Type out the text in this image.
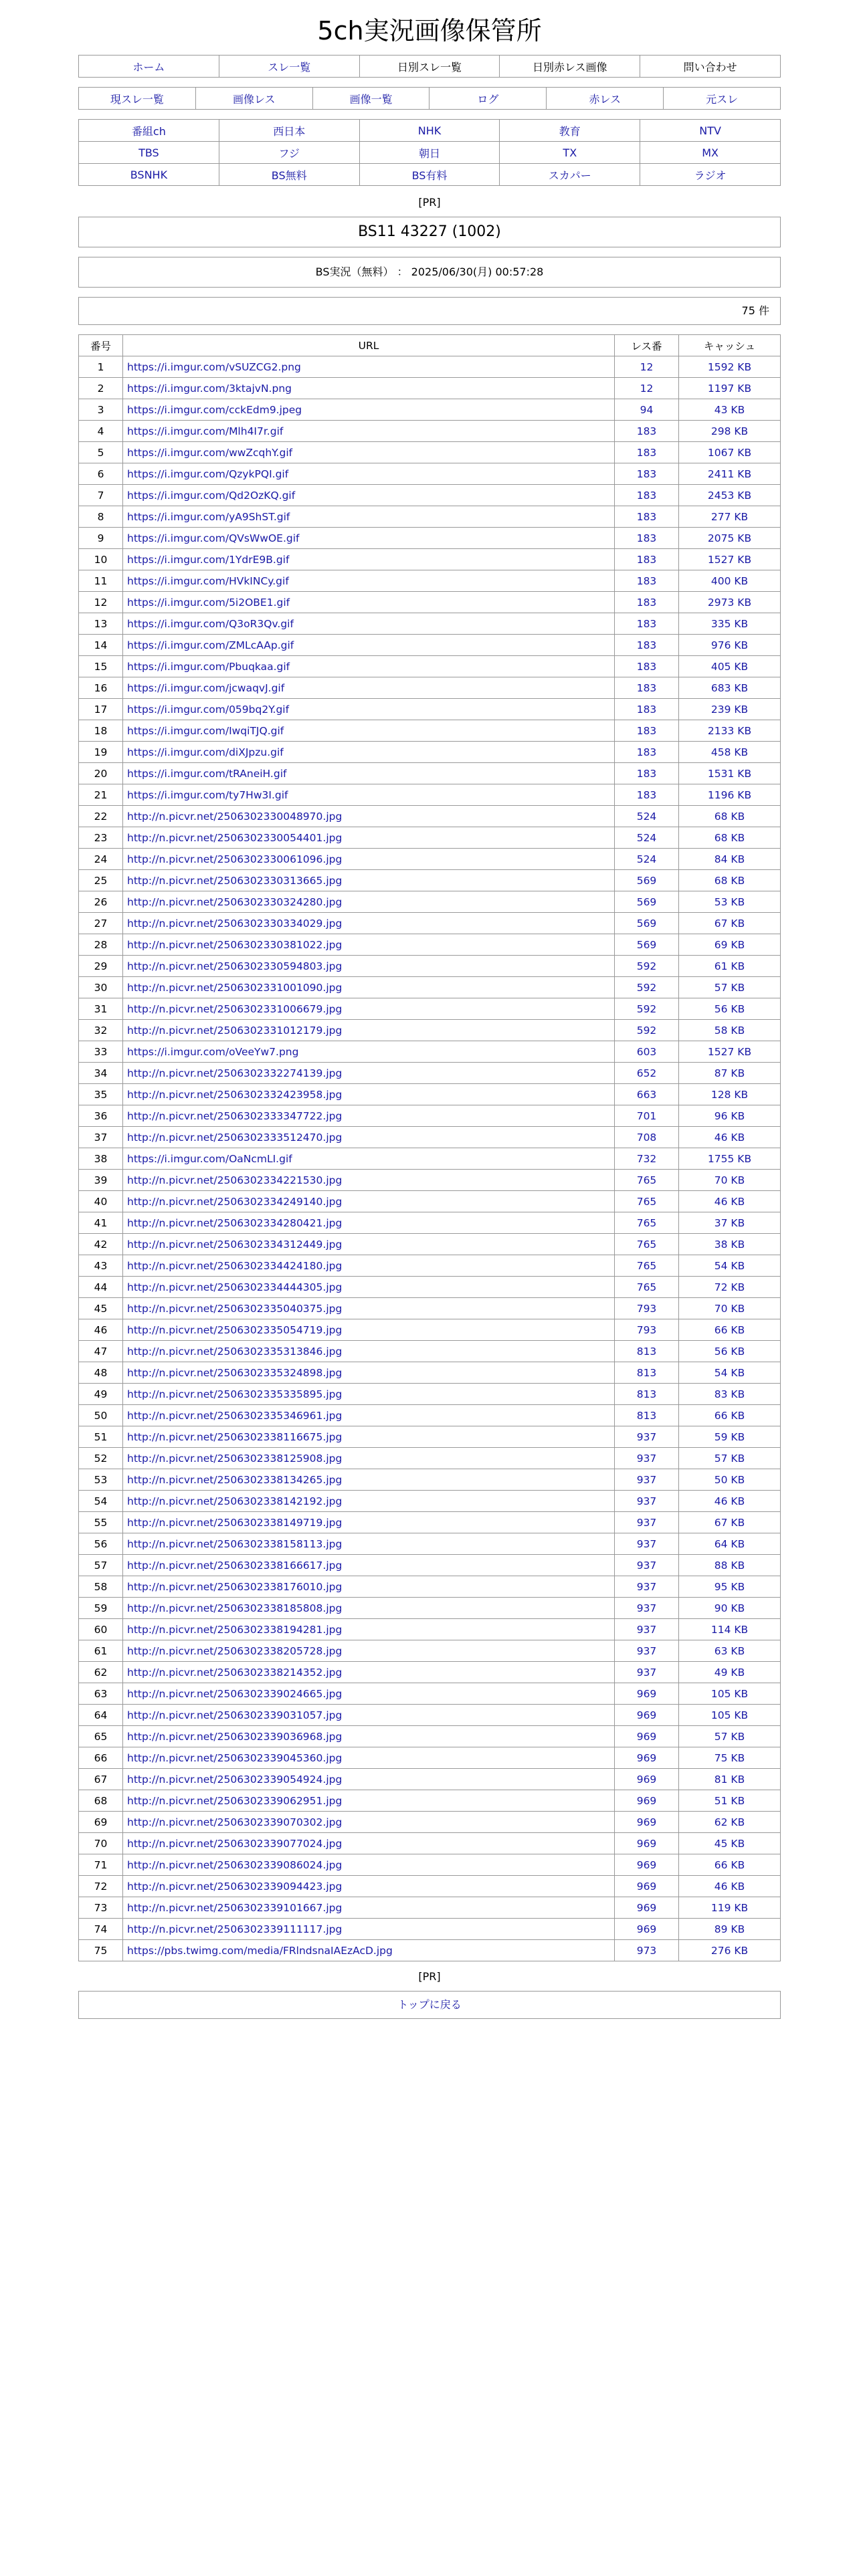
5ch実況画像保管所
ホーム	スレ一覧	日別スレ一覧	日別赤レス画像	問い合わせ
現スレ一覧	画像レス	画像一覧	ログ	赤レス	元スレ
番組ch	西日本	NHK	教育	NTV
TBS	フジ	朝日	TX	MX
BSNHK	BS無料	BS有料	スカパー	ラジオ
[PR]
BS11 43227 (1002)
BS実況（無料） ： 2025/06/30(月) 00:57:28
75 件
番号	URL	レス番	キャッシュ
1	https://i.imgur.com/vSUZCG2.png	12	1592 KB
2	https://i.imgur.com/3ktajvN.png	12	1197 KB
3	https://i.imgur.com/cckEdm9.jpeg	94	43 KB
4	https://i.imgur.com/Mlh4I7r.gif	183	298 KB
5	https://i.imgur.com/wwZcqhY.gif	183	1067 KB
6	https://i.imgur.com/QzykPQI.gif	183	2411 KB
7	https://i.imgur.com/Qd2OzKQ.gif	183	2453 KB
8	https://i.imgur.com/yA9ShST.gif	183	277 KB
9	https://i.imgur.com/QVsWwOE.gif	183	2075 KB
10	https://i.imgur.com/1YdrE9B.gif	183	1527 KB
11	https://i.imgur.com/HVkINCy.gif	183	400 KB
12	https://i.imgur.com/5i2OBE1.gif	183	2973 KB
13	https://i.imgur.com/Q3oR3Qv.gif	183	335 KB
14	https://i.imgur.com/ZMLcAAp.gif	183	976 KB
15	https://i.imgur.com/Pbuqkaa.gif	183	405 KB
16	https://i.imgur.com/jcwaqvJ.gif	183	683 KB
17	https://i.imgur.com/059bq2Y.gif	183	239 KB
18	https://i.imgur.com/IwqiTJQ.gif	183	2133 KB
19	https://i.imgur.com/diXJpzu.gif	183	458 KB
20	https://i.imgur.com/tRAneiH.gif	183	1531 KB
21	https://i.imgur.com/ty7Hw3I.gif	183	1196 KB
22	http://n.picvr.net/2506302330048970.jpg	524	68 KB
23	http://n.picvr.net/2506302330054401.jpg	524	68 KB
24	http://n.picvr.net/2506302330061096.jpg	524	84 KB
25	http://n.picvr.net/2506302330313665.jpg	569	68 KB
26	http://n.picvr.net/2506302330324280.jpg	569	53 KB
27	http://n.picvr.net/2506302330334029.jpg	569	67 KB
28	http://n.picvr.net/2506302330381022.jpg	569	69 KB
29	http://n.picvr.net/2506302330594803.jpg	592	61 KB
30	http://n.picvr.net/2506302331001090.jpg	592	57 KB
31	http://n.picvr.net/2506302331006679.jpg	592	56 KB
32	http://n.picvr.net/2506302331012179.jpg	592	58 KB
33	https://i.imgur.com/oVeeYw7.png	603	1527 KB
34	http://n.picvr.net/2506302332274139.jpg	652	87 KB
35	http://n.picvr.net/2506302332423958.jpg	663	128 KB
36	http://n.picvr.net/2506302333347722.jpg	701	96 KB
37	http://n.picvr.net/2506302333512470.jpg	708	46 KB
38	https://i.imgur.com/OaNcmLI.gif	732	1755 KB
39	http://n.picvr.net/2506302334221530.jpg	765	70 KB
40	http://n.picvr.net/2506302334249140.jpg	765	46 KB
41	http://n.picvr.net/2506302334280421.jpg	765	37 KB
42	http://n.picvr.net/2506302334312449.jpg	765	38 KB
43	http://n.picvr.net/2506302334424180.jpg	765	54 KB
44	http://n.picvr.net/2506302334444305.jpg	765	72 KB
45	http://n.picvr.net/2506302335040375.jpg	793	70 KB
46	http://n.picvr.net/2506302335054719.jpg	793	66 KB
47	http://n.picvr.net/2506302335313846.jpg	813	56 KB
48	http://n.picvr.net/2506302335324898.jpg	813	54 KB
49	http://n.picvr.net/2506302335335895.jpg	813	83 KB
50	http://n.picvr.net/2506302335346961.jpg	813	66 KB
51	http://n.picvr.net/2506302338116675.jpg	937	59 KB
52	http://n.picvr.net/2506302338125908.jpg	937	57 KB
53	http://n.picvr.net/2506302338134265.jpg	937	50 KB
54	http://n.picvr.net/2506302338142192.jpg	937	46 KB
55	http://n.picvr.net/2506302338149719.jpg	937	67 KB
56	http://n.picvr.net/2506302338158113.jpg	937	64 KB
57	http://n.picvr.net/2506302338166617.jpg	937	88 KB
58	http://n.picvr.net/2506302338176010.jpg	937	95 KB
59	http://n.picvr.net/2506302338185808.jpg	937	90 KB
60	http://n.picvr.net/2506302338194281.jpg	937	114 KB
61	http://n.picvr.net/2506302338205728.jpg	937	63 KB
62	http://n.picvr.net/2506302338214352.jpg	937	49 KB
63	http://n.picvr.net/2506302339024665.jpg	969	105 KB
64	http://n.picvr.net/2506302339031057.jpg	969	105 KB
65	http://n.picvr.net/2506302339036968.jpg	969	57 KB
66	http://n.picvr.net/2506302339045360.jpg	969	75 KB
67	http://n.picvr.net/2506302339054924.jpg	969	81 KB
68	http://n.picvr.net/2506302339062951.jpg	969	51 KB
69	http://n.picvr.net/2506302339070302.jpg	969	62 KB
70	http://n.picvr.net/2506302339077024.jpg	969	45 KB
71	http://n.picvr.net/2506302339086024.jpg	969	66 KB
72	http://n.picvr.net/2506302339094423.jpg	969	46 KB
73	http://n.picvr.net/2506302339101667.jpg	969	119 KB
74	http://n.picvr.net/2506302339111117.jpg	969	89 KB
75	https://pbs.twimg.com/media/FRlndsnaIAEzAcD.jpg	973	276 KB
[PR]
トップに戻る
